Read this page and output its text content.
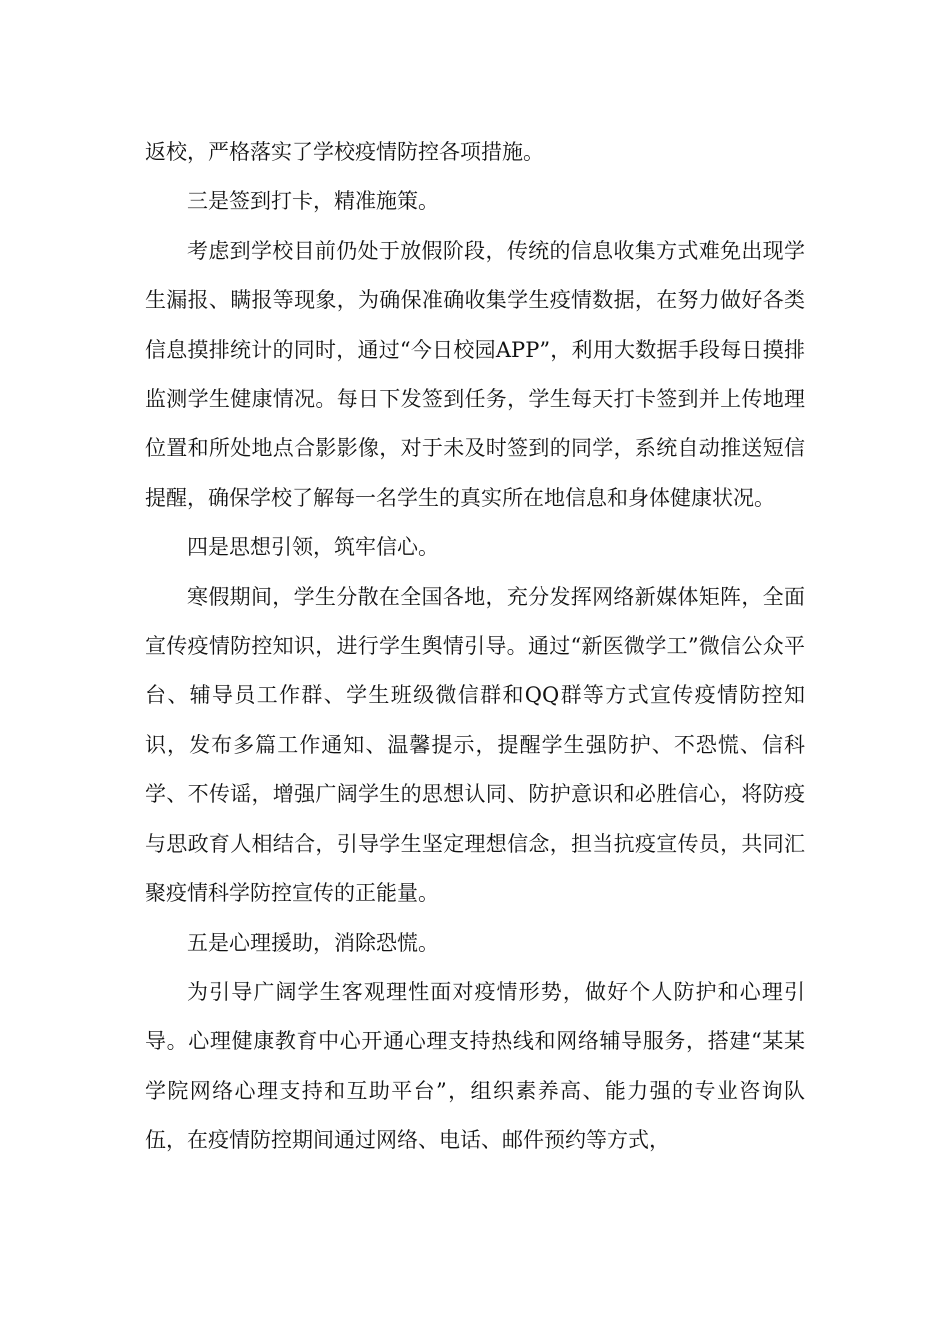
返校，严格落实了学校疫情防控各项措施。

三是签到打卡，精准施策。

考虑到学校目前仍处于放假阶段，传统的信息收集方式难免出现学生漏报、瞒报等现象，为确保准确收集学生疫情数据，在努力做好各类信息摸排统计的同时，通过“今日校园APP”，利用大数据手段每日摸排监测学生健康情况。每日下发签到任务，学生每天打卡签到并上传地理位置和所处地点合影影像，对于未及时签到的同学，系统自动推送短信提醒，确保学校了解每一名学生的真实所在地信息和身体健康状况。

四是思想引领，筑牢信心。

寒假期间，学生分散在全国各地，充分发挥网络新媒体矩阵，全面宣传疫情防控知识，进行学生舆情引导。通过“新医微学工”微信公众平台、辅导员工作群、学生班级微信群和QQ群等方式宣传疫情防控知识，发布多篇工作通知、温馨提示，提醒学生强防护、不恐慌、信科学、不传谣，增强广阔学生的思想认同、防护意识和必胜信心，将防疫与思政育人相结合，引导学生坚定理想信念，担当抗疫宣传员，共同汇聚疫情科学防控宣传的正能量。

五是心理援助，消除恐慌。

为引导广阔学生客观理性面对疫情形势，做好个人防护和心理引导。心理健康教育中心开通心理支持热线和网络辅导服务，搭建“某某学院网络心理支持和互助平台”，组织素养高、能力强的专业咨询队伍，在疫情防控期间通过网络、电话、邮件预约等方式，
